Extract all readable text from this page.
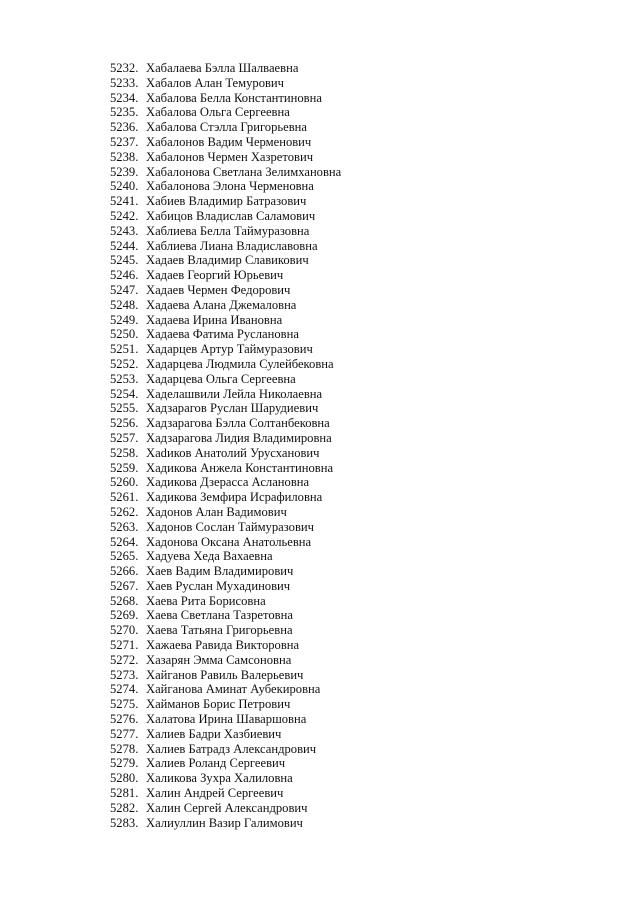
5232. Хабалаева Бэлла Шалваевна
5233. Хабалов Алан Темурович
5234. Хабалова Белла Константиновна
5235. Хабалова Ольга Сергеевна
5236. Хабалова Стэлла Григорьевна
5237. Хабалонов Вадим Черменович
5238. Хабалонов Чермен Хазретович
5239. Хабалонова Светлана Зелимхановна
5240. Хабалонова Элона Черменовна
5241. Хабиев Владимир Батразович
5242. Хабицов Владислав Саламович
5243. Хаблиева Белла Таймуразовна
5244. Хаблиева Лиана Владиславовна
5245. Хадаев Владимир Славикович
5246. Хадаев Георгий Юрьевич
5247. Хадаев Чермен Федорович
5248. Хадаева Алана Джемаловна
5249. Хадаева Ирина Ивановна
5250. Хадаева Фатима Руслановна
5251. Хадарцев Артур Таймуразович
5252. Хадарцева Людмила Сулейбековна
5253. Хадарцева Ольга Сергеевна
5254. Хаделашвили Лейла Николаевна
5255. Хадзарагов Руслан Шарудиевич
5256. Хадзарагова Бэлла Солтанбековна
5257. Хадзарагова Лидия Владимировна
5258. Хаdиков Анатолий Урусханович
5259. Хадикова Анжела Константиновна
5260. Хадикова Дзерасса Аслановна
5261. Хадикова Земфира Исрафиловна
5262. Хадонов Алан Вадимович
5263. Хадонов Сослан Таймуразович
5264. Хадонова Оксана Анатольевна
5265. Хадуева Хеда Вахаевна
5266. Хаев Вадим Владимирович
5267. Хаев Руслан Мухадинович
5268. Хаева Рита Борисовна
5269. Хаева Светлана Тазретовна
5270. Хаева Татьяна Григорьевна
5271. Хажаева Равида Викторовна
5272. Хазарян Эмма Самсоновна
5273. Хайганов Равиль Валерьевич
5274. Хайганова Аминат Аубекировна
5275. Хайманов Борис Петрович
5276. Халатова Ирина Шаваршовна
5277. Халиев Бадри Хазбиевич
5278. Халиев Батрадз Александрович
5279. Халиев Роланд Сергеевич
5280. Халикова Зухра Халиловна
5281. Халин Андрей Сергеевич
5282. Халин Сергей Александрович
5283. Халиуллин Вазир Галимович
